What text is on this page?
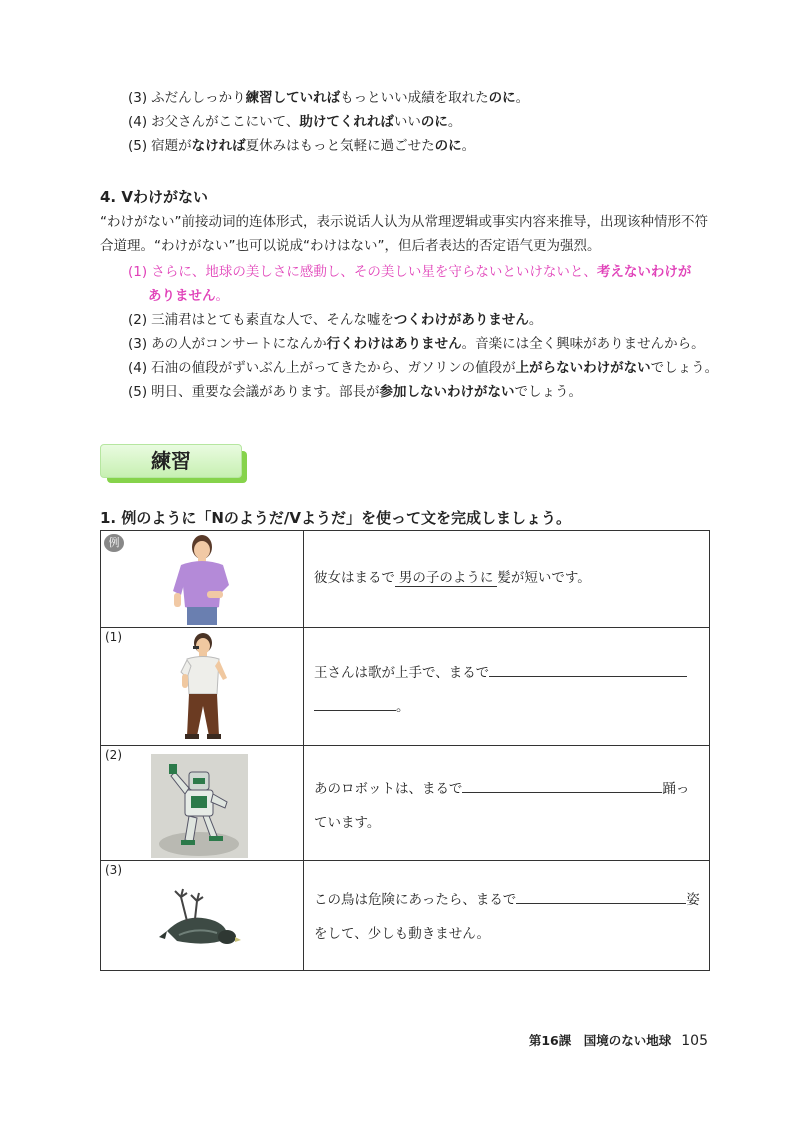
(3) ふだんしっかり練習していればもっといい成績を取れたのに。
(4) お父さんがここにいて、助けてくれればいいのに。
(5) 宿題がなければ夏休みはもっと気軽に過ごせたのに。
4. Vわけがない
“わけがない”前接动词的连体形式，表示说话人认为从常理逻辑或事实内容来推导，出现该种情形不符合道理。“わけがない”也可以说成“わけはない”，但后者表达的否定语气更为强烈。
(1) さらに、地球の美しさに感動し、その美しい星を守らないといけないと、考えないわけが
ありません。
(2) 三浦君はとても素直な人で、そんな嘘をつくわけがありません。
(3) あの人がコンサートになんか行くわけはありません。音楽には全く興味がありませんから。
(4) 石油の値段がずいぶん上がってきたから、ガソリンの値段が上がらないわけがないでしょう。
(5) 明日、重要な会議があります。部長が参加しないわけがないでしょう。
練習
1. 例のように「Nのようだ/Vようだ」を使って文を完成しましょう。
例	彼女はまるで 男の子のように 髪が短いです。

(1)	王さんは歌が上手で、まるで
。

(2)	あのロボットは、まるで 踊っ
ています。

(3)	この鳥は危険にあったら、まるで 姿
をして、少しも動きません。
第16課　国境のない地球 105
